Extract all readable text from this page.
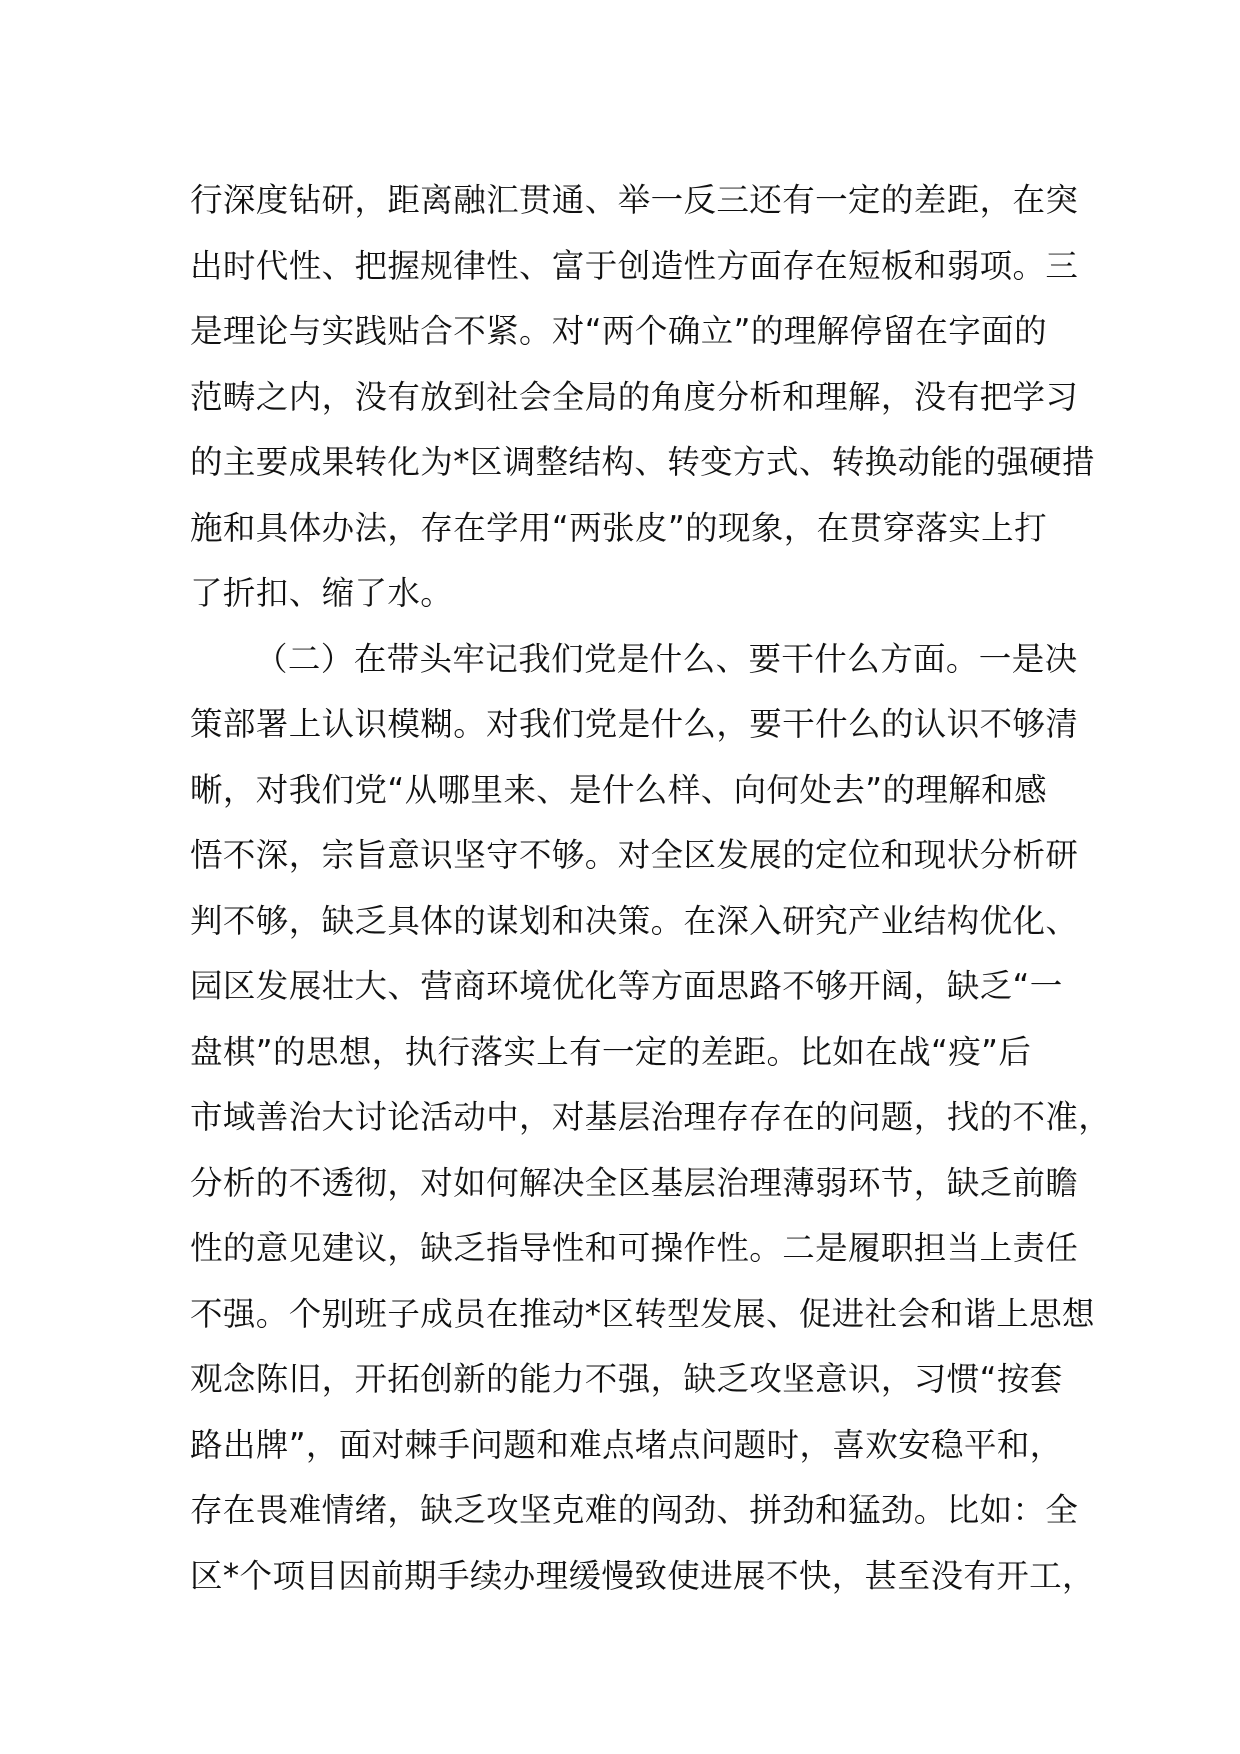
行深度钻研，距离融汇贯通、举一反三还有一定的差距，在突
出时代性、把握规律性、富于创造性方面存在短板和弱项。三
是理论与实践贴合不紧。对“两个确立”的理解停留在字面的
范畴之内，没有放到社会全局的角度分析和理解，没有把学习
的主要成果转化为*区调整结构、转变方式、转换动能的强硬措
施和具体办法，存在学用“两张皮”的现象，在贯穿落实上打
了折扣、缩了水。
（二）在带头牢记我们党是什么、要干什么方面。一是决
策部署上认识模糊。对我们党是什么，要干什么的认识不够清
晰，对我们党“从哪里来、是什么样、向何处去”的理解和感
悟不深，宗旨意识坚守不够。对全区发展的定位和现状分析研
判不够，缺乏具体的谋划和决策。在深入研究产业结构优化、
园区发展壮大、营商环境优化等方面思路不够开阔，缺乏“一
盘棋”的思想，执行落实上有一定的差距。比如在战“疫”后
市域善治大讨论活动中，对基层治理存存在的问题，找的不准，
分析的不透彻，对如何解决全区基层治理薄弱环节，缺乏前瞻
性的意见建议，缺乏指导性和可操作性。二是履职担当上责任
不强。个别班子成员在推动*区转型发展、促进社会和谐上思想
观念陈旧，开拓创新的能力不强，缺乏攻坚意识，习惯“按套
路出牌”，面对棘手问题和难点堵点问题时，喜欢安稳平和，
存在畏难情绪，缺乏攻坚克难的闯劲、拼劲和猛劲。比如：全
区*个项目因前期手续办理缓慢致使进展不快，甚至没有开工，
